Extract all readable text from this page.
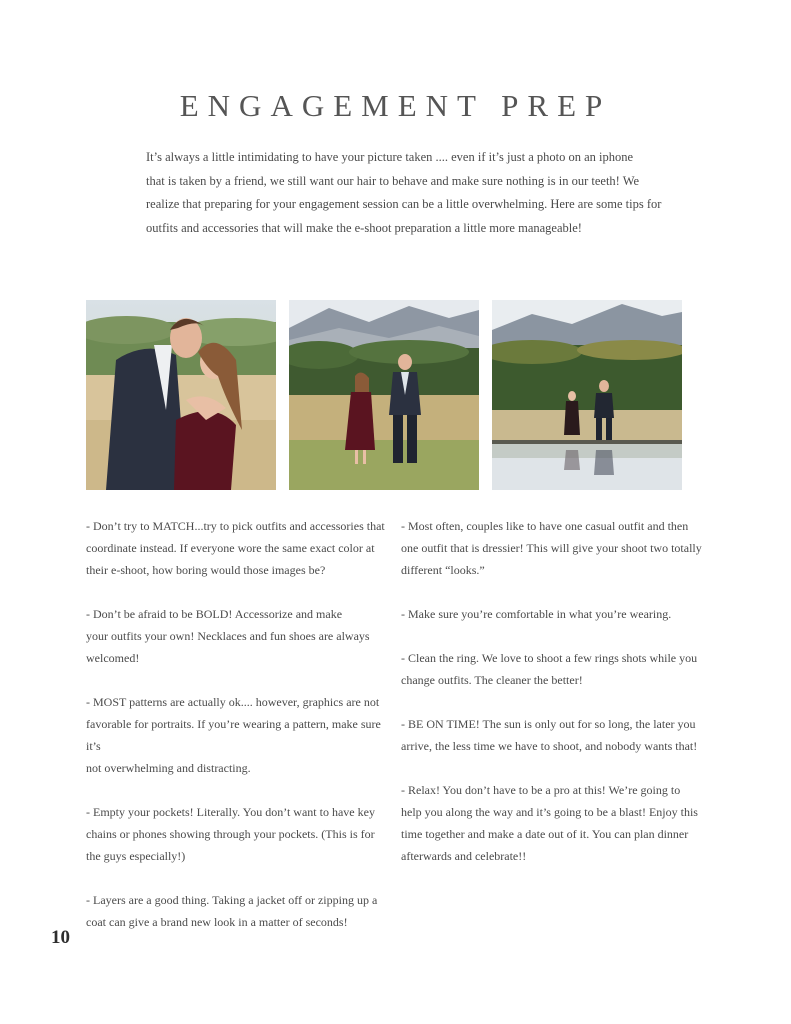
ENGAGEMENT PREP

It’s always a little intimidating to have your picture taken .... even if it’s just a photo on an iphone

that is taken by a friend, we still want our hair to behave and make sure nothing is in our teeth! We

realize that preparing for your engagement session can be a little overwhelming. Here are some tips for

outfits and accessories that will make the e-shoot preparation a little more manageable!

- Don’t try to MATCH...try to pick outfits and accessories that
coordinate instead. If everyone wore the same exact color at
their e-shoot, how boring would those images be?

- Don’t be afraid to be BOLD! Accessorize and make
your outfits your own! Necklaces and fun shoes are always
welcomed!

- MOST patterns are actually ok.... however, graphics are not
favorable for portraits. If you’re wearing a pattern, make sure it’s
not overwhelming and distracting.

- Empty your pockets! Literally. You don’t want to have key
chains or phones showing through your pockets. (This is for
the guys especially!)

- Layers are a good thing. Taking a jacket off or zipping up a
coat can give a brand new look in a matter of seconds!

- Most often, couples like to have one casual outfit and then
one outfit that is dressier! This will give your shoot two totally
different “looks.”

- Make sure you’re comfortable in what you’re wearing.

- Clean the ring. We love to shoot a few rings shots while you
change outfits. The cleaner the better!

- BE ON TIME! The sun is only out for so long, the later you
arrive, the less time we have to shoot, and nobody wants that!

- Relax! You don’t have to be a pro at this! We’re going to
help you along the way and it’s going to be a blast! Enjoy this
time together and make a date out of it. You can plan dinner
afterwards and celebrate!!

10
